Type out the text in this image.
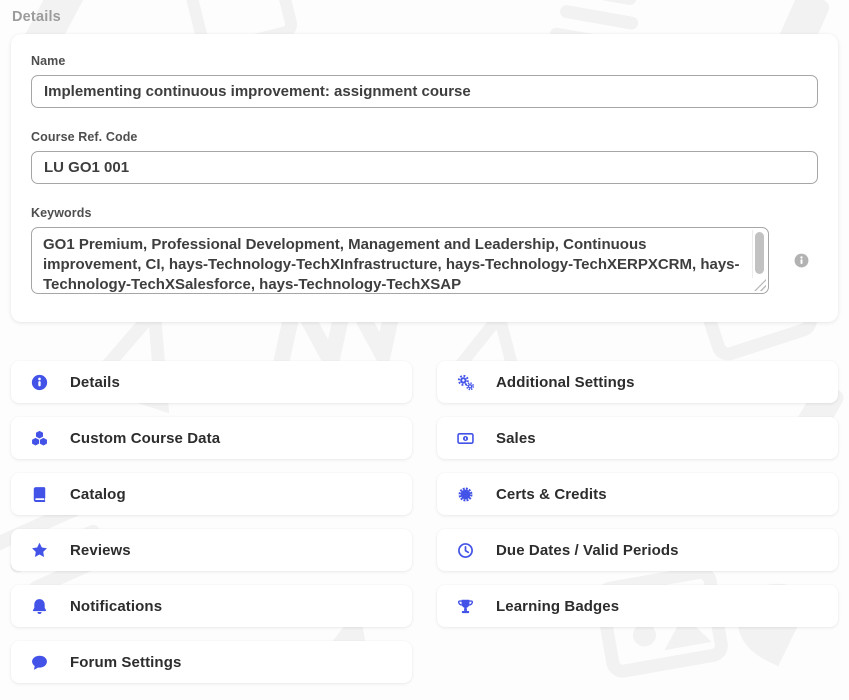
Details
Name
Implementing continuous improvement: assignment course
Course Ref. Code
LU GO1 001
Keywords
GO1 Premium, Professional Development, Management and Leadership, Continuous improvement, CI, hays-Technology-TechXInfrastructure, hays-Technology-TechXERPXCRM, hays-Technology-TechXSalesforce, hays-Technology-TechXSAP
Details
Custom Course Data
Catalog
Reviews
Notifications
Forum Settings
Additional Settings
Sales
Certs & Credits
Due Dates / Valid Periods
Learning Badges
